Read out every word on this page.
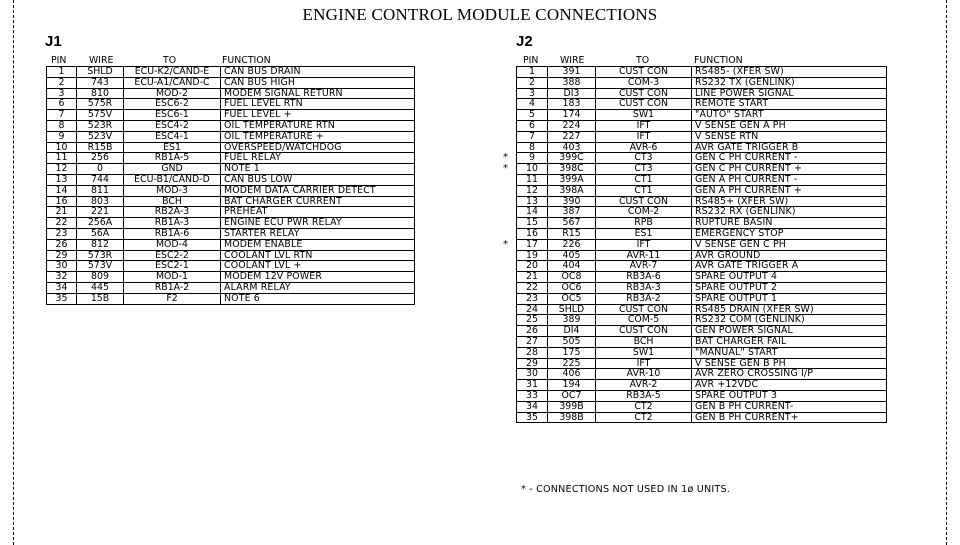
ENGINE CONTROL MODULE CONNECTIONS
J1	J2
PIN WIRE	TO	FUNCTION
1	SHLD	ECU-K2/CAND-E	CAN BUS DRAIN
2	743	ECU-A1/CAND-C	CAN BUS HIGH
3	810	MOD-2	MODEM SIGNAL RETURN
6	575R	ESC6-2	FUEL LEVEL RTN
7	575V	ESC6-1	FUEL LEVEL +
8	523R	ESC4-2	OIL TEMPERATURE RTN
9	523V	ESC4-1	OIL TEMPERATURE +
10	R15B	ES1	OVERSPEED/WATCHDOG
11	256	RB1A-5	FUEL RELAY
12	0	GND	NOTE 1
13	744	ECU-B1/CAND-D	CAN BUS LOW
14	811	MOD-3	MODEM DATA CARRIER DETECT
16	803	BCH	BAT CHARGER CURRENT
21	221	RB2A-3	PREHEAT
22	256A	RB1A-3	ENGINE ECU PWR RELAY
23	56A	RB1A-6	STARTER RELAY
26	812	MOD-4	MODEM ENABLE
29	573R	ESC2-2	COOLANT LVL RTN
30	573V	ESC2-1	COOLANT LVL +
32	809	MOD-1	MODEM 12V POWER
34	445	RB1A-2	ALARM RELAY
35	15B	F2	NOTE 6
PIN WIRE	TO	FUNCTION
1	391	CUST CON	RS485- (XFER SW)
2	388	COM-3	RS232 TX (GENLINK)
3	DI3	CUST CON	LINE POWER SIGNAL
4	183	CUST CON	REMOTE START
5	174	SW1	"AUTO" START
6	224	IFT	V SENSE GEN A PH
7	227	IFT	V SENSE RTN
8	403	AVR-6	AVR GATE TRIGGER B
9	399C	CT3	GEN C PH CURRENT -
*
10	398C	CT3	GEN C PH CURRENT +
*
11	399A	CT1	GEN A PH CURRENT -
12	398A	CT1	GEN A PH CURRENT +
13	390	CUST CON	RS485+ (XFER SW)
14	387	COM-2	RS232 RX (GENLINK)
15	567	RPB	RUPTURE BASIN
16	R15	ES1	EMERGENCY STOP
17	226	IFT	V SENSE GEN C PH
*
19	405	AVR-11	AVR GROUND
20	404	AVR-7	AVR GATE TRIGGER A
21	OC8	RB3A-6	SPARE OUTPUT 4
22	OC6	RB3A-3	SPARE OUTPUT 2
23	OC5	RB3A-2	SPARE OUTPUT 1
24	SHLD	CUST CON	RS485 DRAIN (XFER SW)
25	389	COM-5	RS232 COM (GENLINK)
26	DI4	CUST CON	GEN POWER SIGNAL
27	505	BCH	BAT CHARGER FAIL
28	175	SW1	"MANUAL" START
29	225	IFT	V SENSE GEN B PH
30	406	AVR-10	AVR ZERO CROSSING I/P
31	194	AVR-2	AVR +12VDC
33	OC7	RB3A-5	SPARE OUTPUT 3
34	399B	CT2	GEN B PH CURRENT-
35	398B	CT2	GEN B PH CURRENT+
* - CONNECTIONS NOT USED IN 1ø UNITS.
